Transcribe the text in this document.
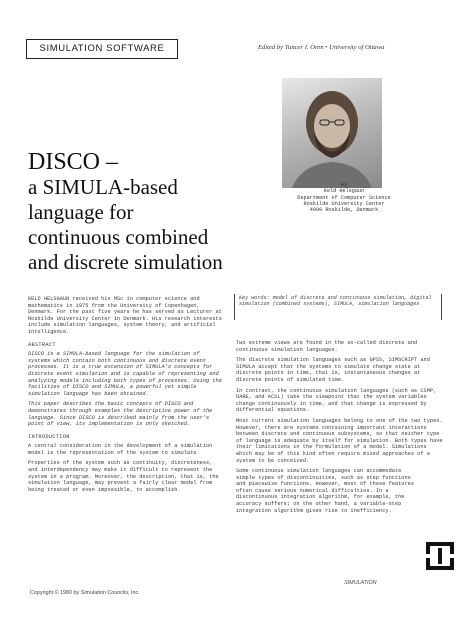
SIMULATION SOFTWARE	Edited by Tuncer I. Ören • University of Ottawa
By
Keld Helsgaun
Department of Computer Science
Roskilde University Center
4000 Roskilde, Denmark
DISCO –
a SIMULA-based
language for
continuous combined
and discrete simulation

KELD HELSGAUN received his MSc in computer science and mathematics in 1975 from the University of Copenhagen, Denmark. For the past five years he has served as Lecturer at Roskilde University Center in Denmark. His research interests include simulation languages, system theory, and artificial intelligence.

ABSTRACT

DISCO is a SIMULA-based language for the simulation of systems which contain both continuous and discrete event processes. It is a true extension of SIMULA's concepts for discrete event simulation and is capable of representing and analyzing models including both types of processes. Using the facilities of DISCO and SIMULA, a powerful yet simple simulation language has been obtained.

This paper describes the basic concepts of DISCO and demonstrates through examples the descriptive power of the language. Since DISCO is described mainly from the user's point of view, its implementation is only sketched.

INTRODUCTION

A central consideration in the development of a simulation model is the representation of the system to simulate.

Properties of the system such as continuity, discreteness, and interdependency may make it difficult to represent the system in a program. Moreover, the description, that is, the simulation language, may prevent a fairly clear model from being treated or even impossible, to accomplish.

Key words: model of discrete and continuous simulation, digital simulation (combined systems), SIMULA, simulation languages

Two extreme views are found in the so-called discrete and continuous simulation languages.

The discrete simulation languages such as GPSS, SIMSCRIPT and SIMULA accept that the systems to simulate change state at discrete points in time, that is, instantaneous changes at discrete points of simulated time.

In contrast, the continuous simulation languages (such as CSMP, DARE, and ACSL) take the viewpoint that the system variables change continuously in time, and that change is expressed by differential equations.

Most current simulation languages belong to one of the two types. However, there are systems containing important interactions between discrete and continuous subsystems, so that neither type of language is adequate by itself for simulation. Both types have their limitations in the formulation of a model. Simulations which may be of this kind often require mixed approaches of a system to be conceived.

Some continuous simulation languages can accommodate simple types of discontinuities, such as step functions and piecewise functions. However, most of these features often cause serious numerical difficulties. In a discontinuous integration algorithm, for example, the accuracy suffers; on the other hand, a variable-step integration algorithm gives rise to inefficiency.

SIMULATION
Copyright © 1980 by Simulation Councils, Inc.
